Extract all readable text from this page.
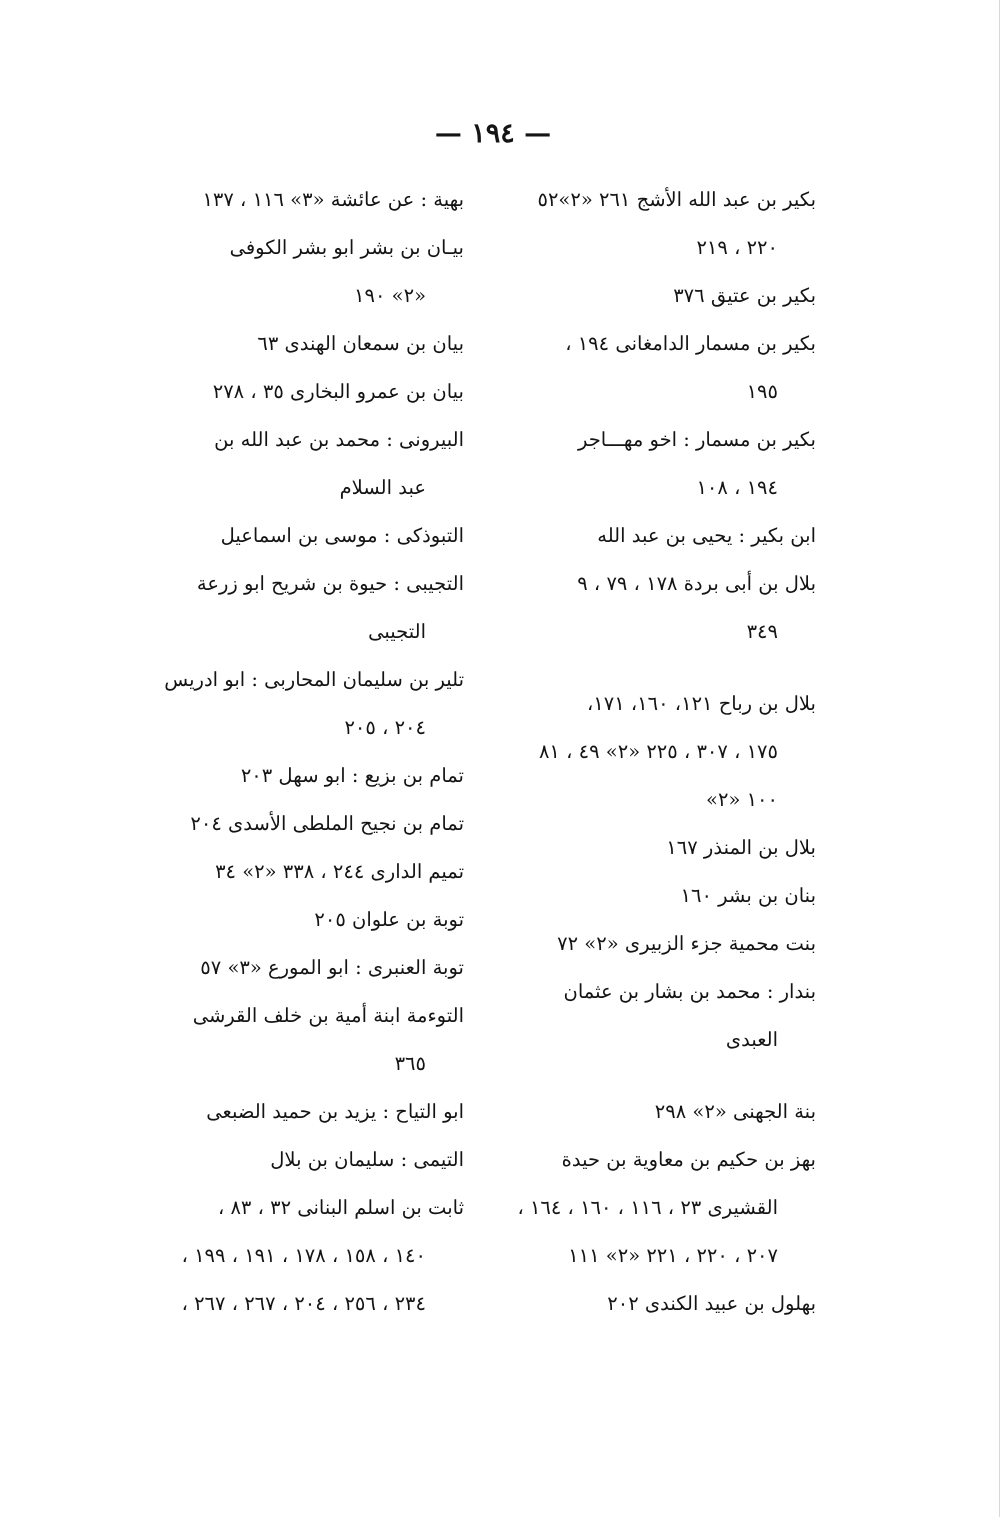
— ١٩٤ —
بكير بن عبد الله الأشج ٢٦١ «٢»٥٢
٢٢٠ ، ٢١٩
بكير بن عتيق ٣٧٦
بكير بن مسمار الدامغانى ١٩٤ ،
١٩٥
بكير بن مسمار : اخو مهـــاجر
١٩٤ ، ١٠٨
ابن بكير : يحيى بن عبد الله
بلال بن أبى بردة ١٧٨ ، ٧٩ ، ٩
٣٤٩
بلال بن رباح ١٢١، ١٦٠، ١٧١،
١٧٥ ، ٣٠٧ ، ٢٢٥ «٢» ٤٩ ، ٨١
١٠٠ «٢»
بلال بن المنذر ١٦٧
بنان بن بشر ١٦٠
بنت محمية جزء الزبيرى «٢» ٧٢
بندار : محمد بن بشار بن عثمان
العبدى
بنة الجهنى «٢» ٢٩٨
بهز بن حكيم بن معاوية بن حيدة
القشيرى ٢٣ ، ١١٦ ، ١٦٠ ، ١٦٤ ،
٢٠٧ ، ٢٢٠ ، ٢٢١ «٢» ١١١
بهلول بن عبيد الكندى ٢٠٢
بهية : عن عائشة «٣» ١١٦ ، ١٣٧
بيـان بن بشر ابو بشر الكوفى
«٢» ١٩٠
بيان بن سمعان الهندى ٦٣
بيان بن عمرو البخارى ٣٥ ، ٢٧٨
البيرونى : محمد بن عبد الله بن
عبد السلام
التبوذكى : موسى بن اسماعيل
التجيبى : حيوة بن شريح ابو زرعة
التجيبى
تلير بن سليمان المحاربى : ابو ادريس
٢٠٤ ، ٢٠٥
تمام بن بزيع : ابو سهل ٢٠٣
تمام بن نجيح الملطى الأسدى ٢٠٤
تميم الدارى ٢٤٤ ، ٣٣٨ «٢» ٣٤
توبة بن علوان ٢٠٥
توبة العنبرى : ابو المورع «٣» ٥٧
التوءمة ابنة أمية بن خلف القرشى
٣٦٥
ابو التياح : يزيد بن حميد الضبعى
التيمى : سليمان بن بلال
ثابت بن اسلم البنانى ٣٢ ، ٨٣ ،
١٤٠ ، ١٥٨ ، ١٧٨ ، ١٩١ ، ١٩٩ ،
٢٣٤ ، ٢٥٦ ، ٢٠٤ ، ٢٦٧ ، ٢٦٧ ،
